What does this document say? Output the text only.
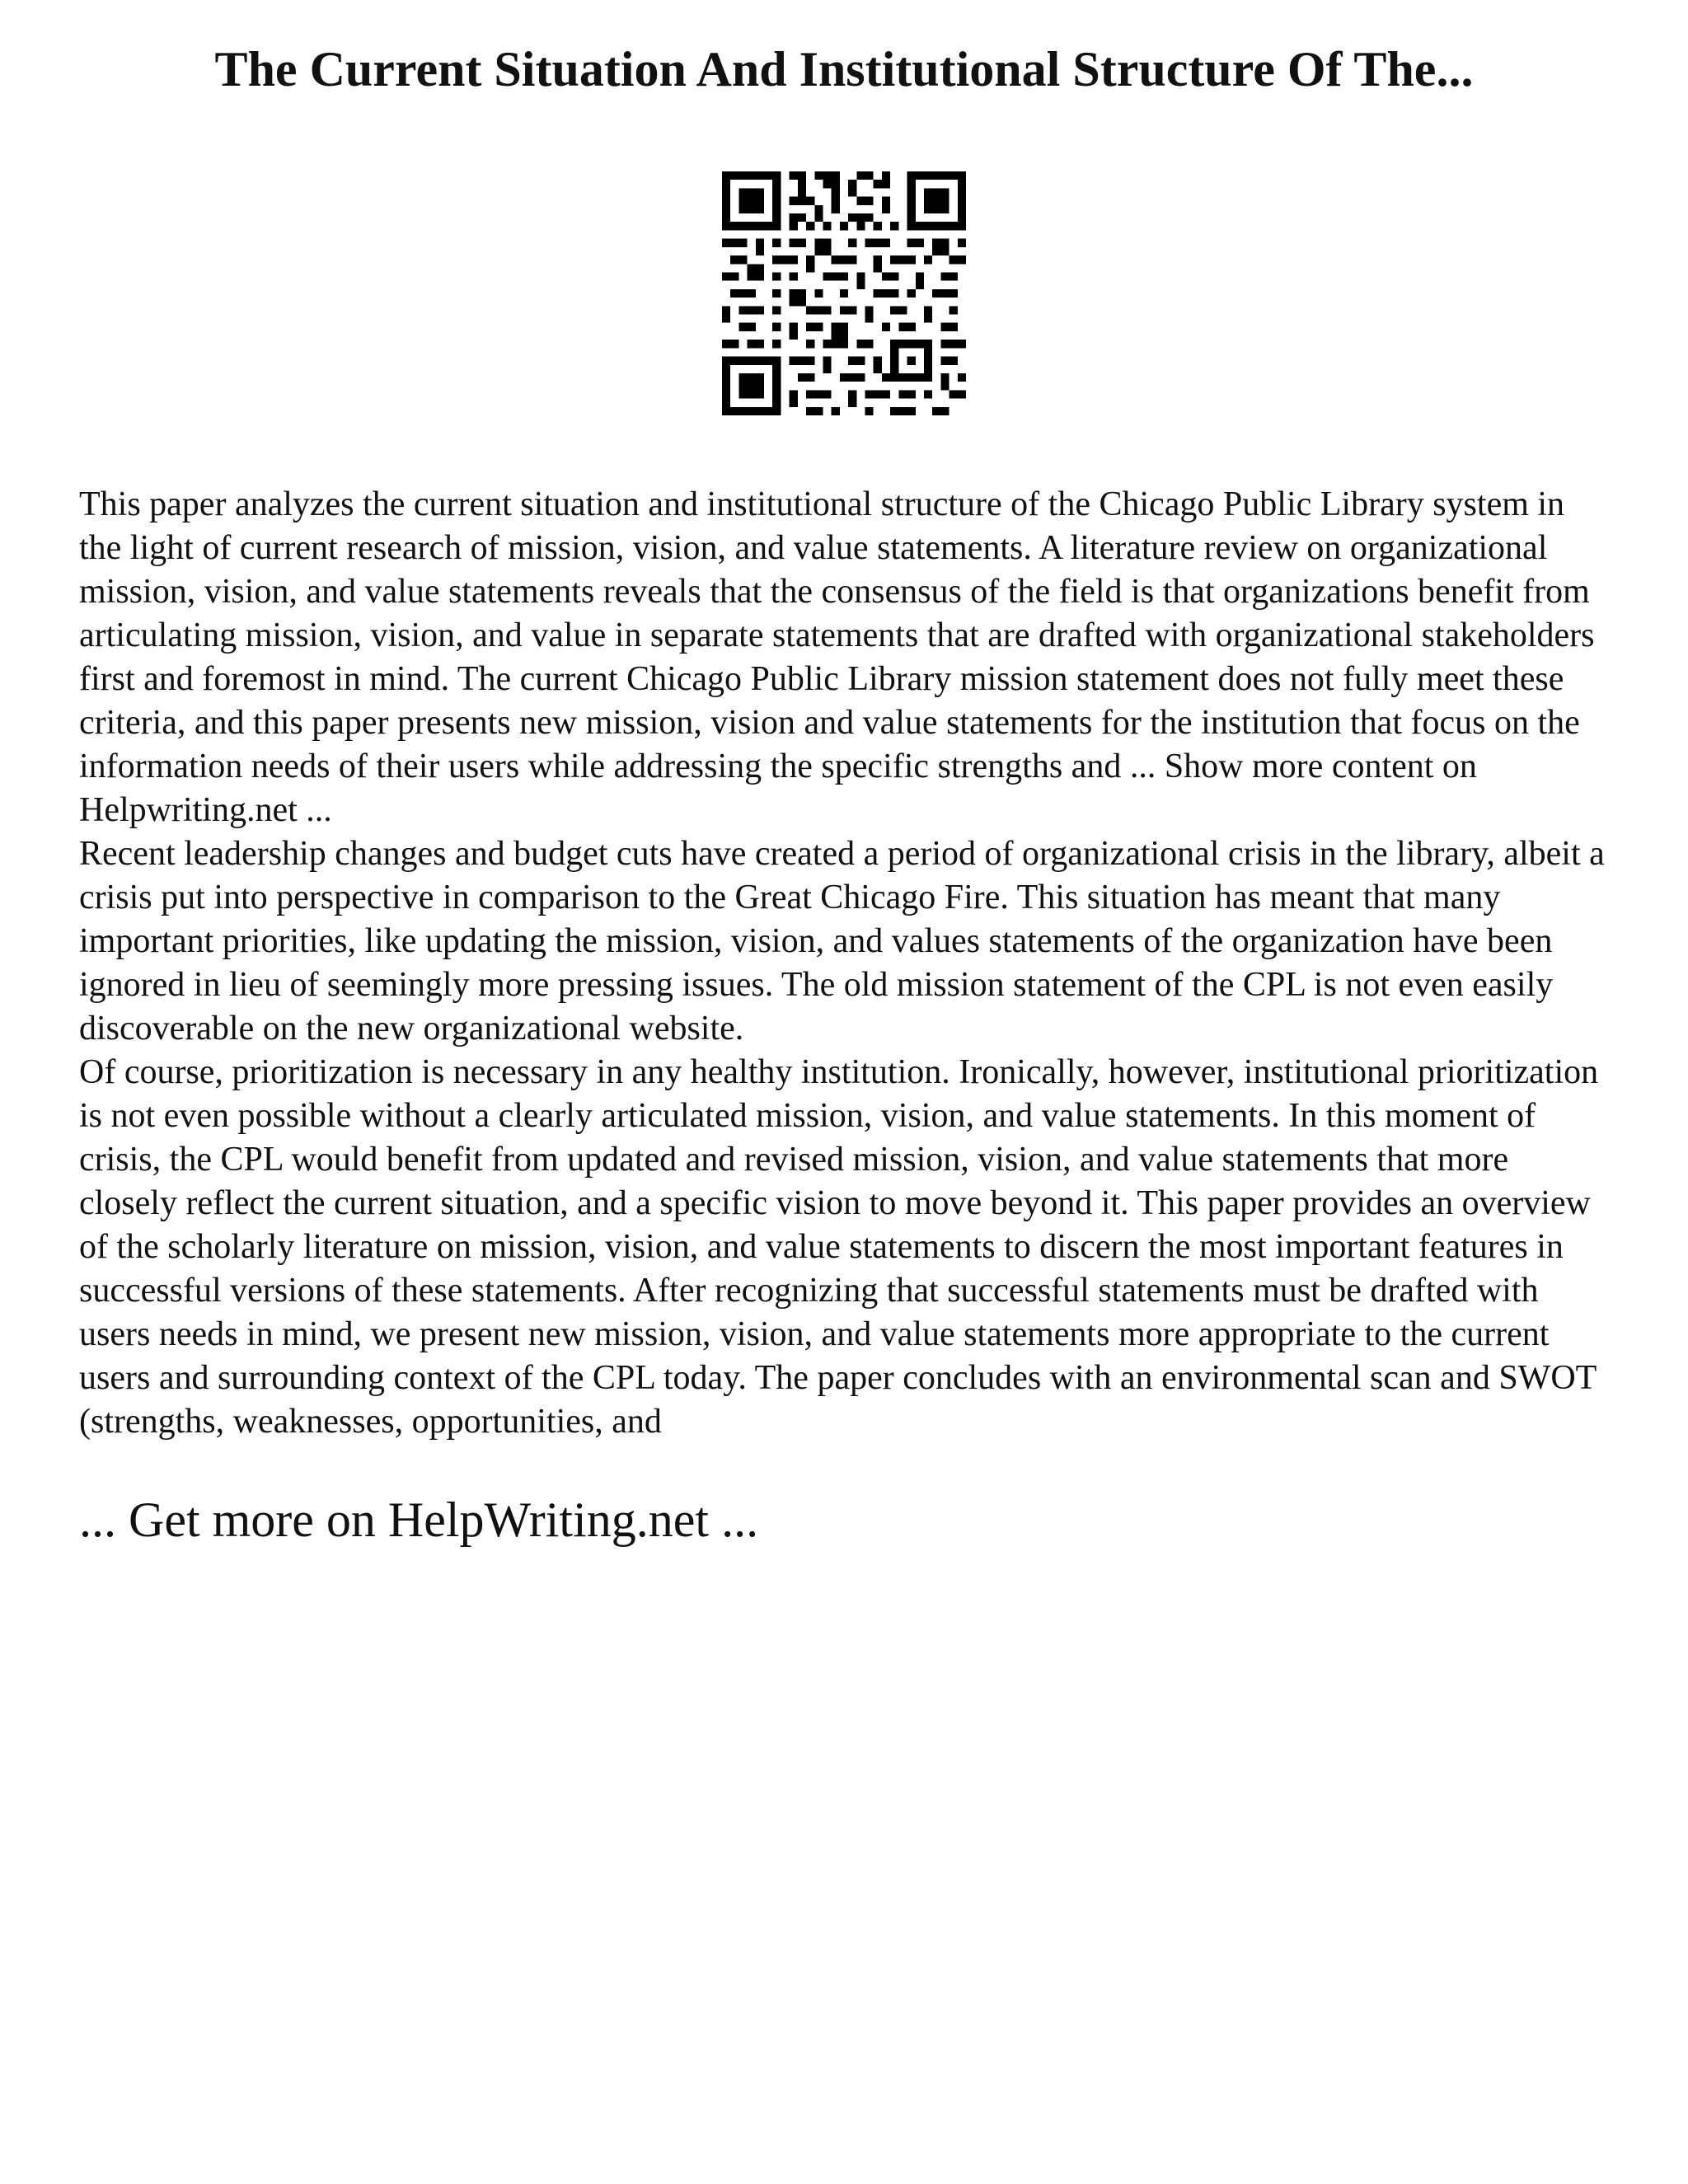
The Current Situation And Institutional Structure Of The...

This paper analyzes the current situation and institutional structure of the Chicago Public Library system in the light of current research of mission, vision, and value statements. A literature review on organizational mission, vision, and value statements reveals that the consensus of the field is that organizations benefit from articulating mission, vision, and value in separate statements that are drafted with organizational stakeholders first and foremost in mind. The current Chicago Public Library mission statement does not fully meet these criteria, and this paper presents new mission, vision and value statements for the institution that focus on the information needs of their users while addressing the specific strengths and ... Show more content on Helpwriting.net ...

Recent leadership changes and budget cuts have created a period of organizational crisis in the library, albeit a crisis put into perspective in comparison to the Great Chicago Fire. This situation has meant that many important priorities, like updating the mission, vision, and values statements of the organization have been ignored in lieu of seemingly more pressing issues. The old mission statement of the CPL is not even easily discoverable on the new organizational website.

Of course, prioritization is necessary in any healthy institution. Ironically, however, institutional prioritization is not even possible without a clearly articulated mission, vision, and value statements. In this moment of crisis, the CPL would benefit from updated and revised mission, vision, and value statements that more closely reflect the current situation, and a specific vision to move beyond it. This paper provides an overview of the scholarly literature on mission, vision, and value statements to discern the most important features in successful versions of these statements. After recognizing that successful statements must be drafted with users needs in mind, we present new mission, vision, and value statements more appropriate to the current users and surrounding context of the CPL today. The paper concludes with an environmental scan and SWOT (strengths, weaknesses, opportunities, and

... Get more on HelpWriting.net ...
